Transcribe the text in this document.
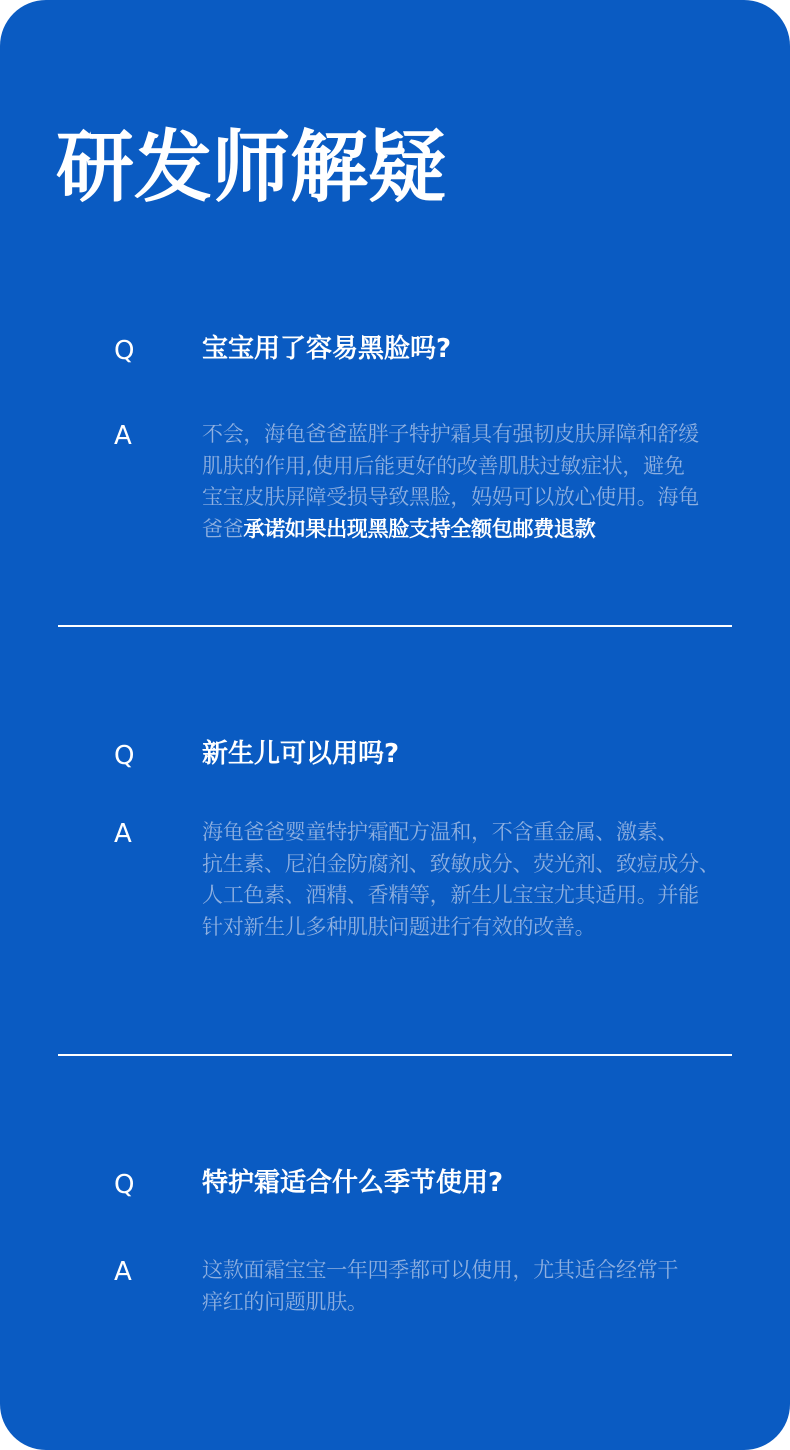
研发师解疑
Q	宝宝用了容易黑脸吗?
A	不会，海龟爸爸蓝胖子特护霜具有强韧皮肤屏障和舒缓
肌肤的作用,使用后能更好的改善肌肤过敏症状，避免
宝宝皮肤屏障受损导致黑脸，妈妈可以放心使用。海龟
爸爸承诺如果出现黑脸支持全额包邮费退款
Q	新生儿可以用吗?
A	海龟爸爸婴童特护霜配方温和，不含重金属、激素、
抗生素、尼泊金防腐剂、致敏成分、荧光剂、致痘成分、
人工色素、酒精、香精等，新生儿宝宝尤其适用。并能
针对新生儿多种肌肤问题进行有效的改善。
Q	特护霜适合什么季节使用?
A	这款面霜宝宝一年四季都可以使用，尤其适合经常干
痒红的问题肌肤。
